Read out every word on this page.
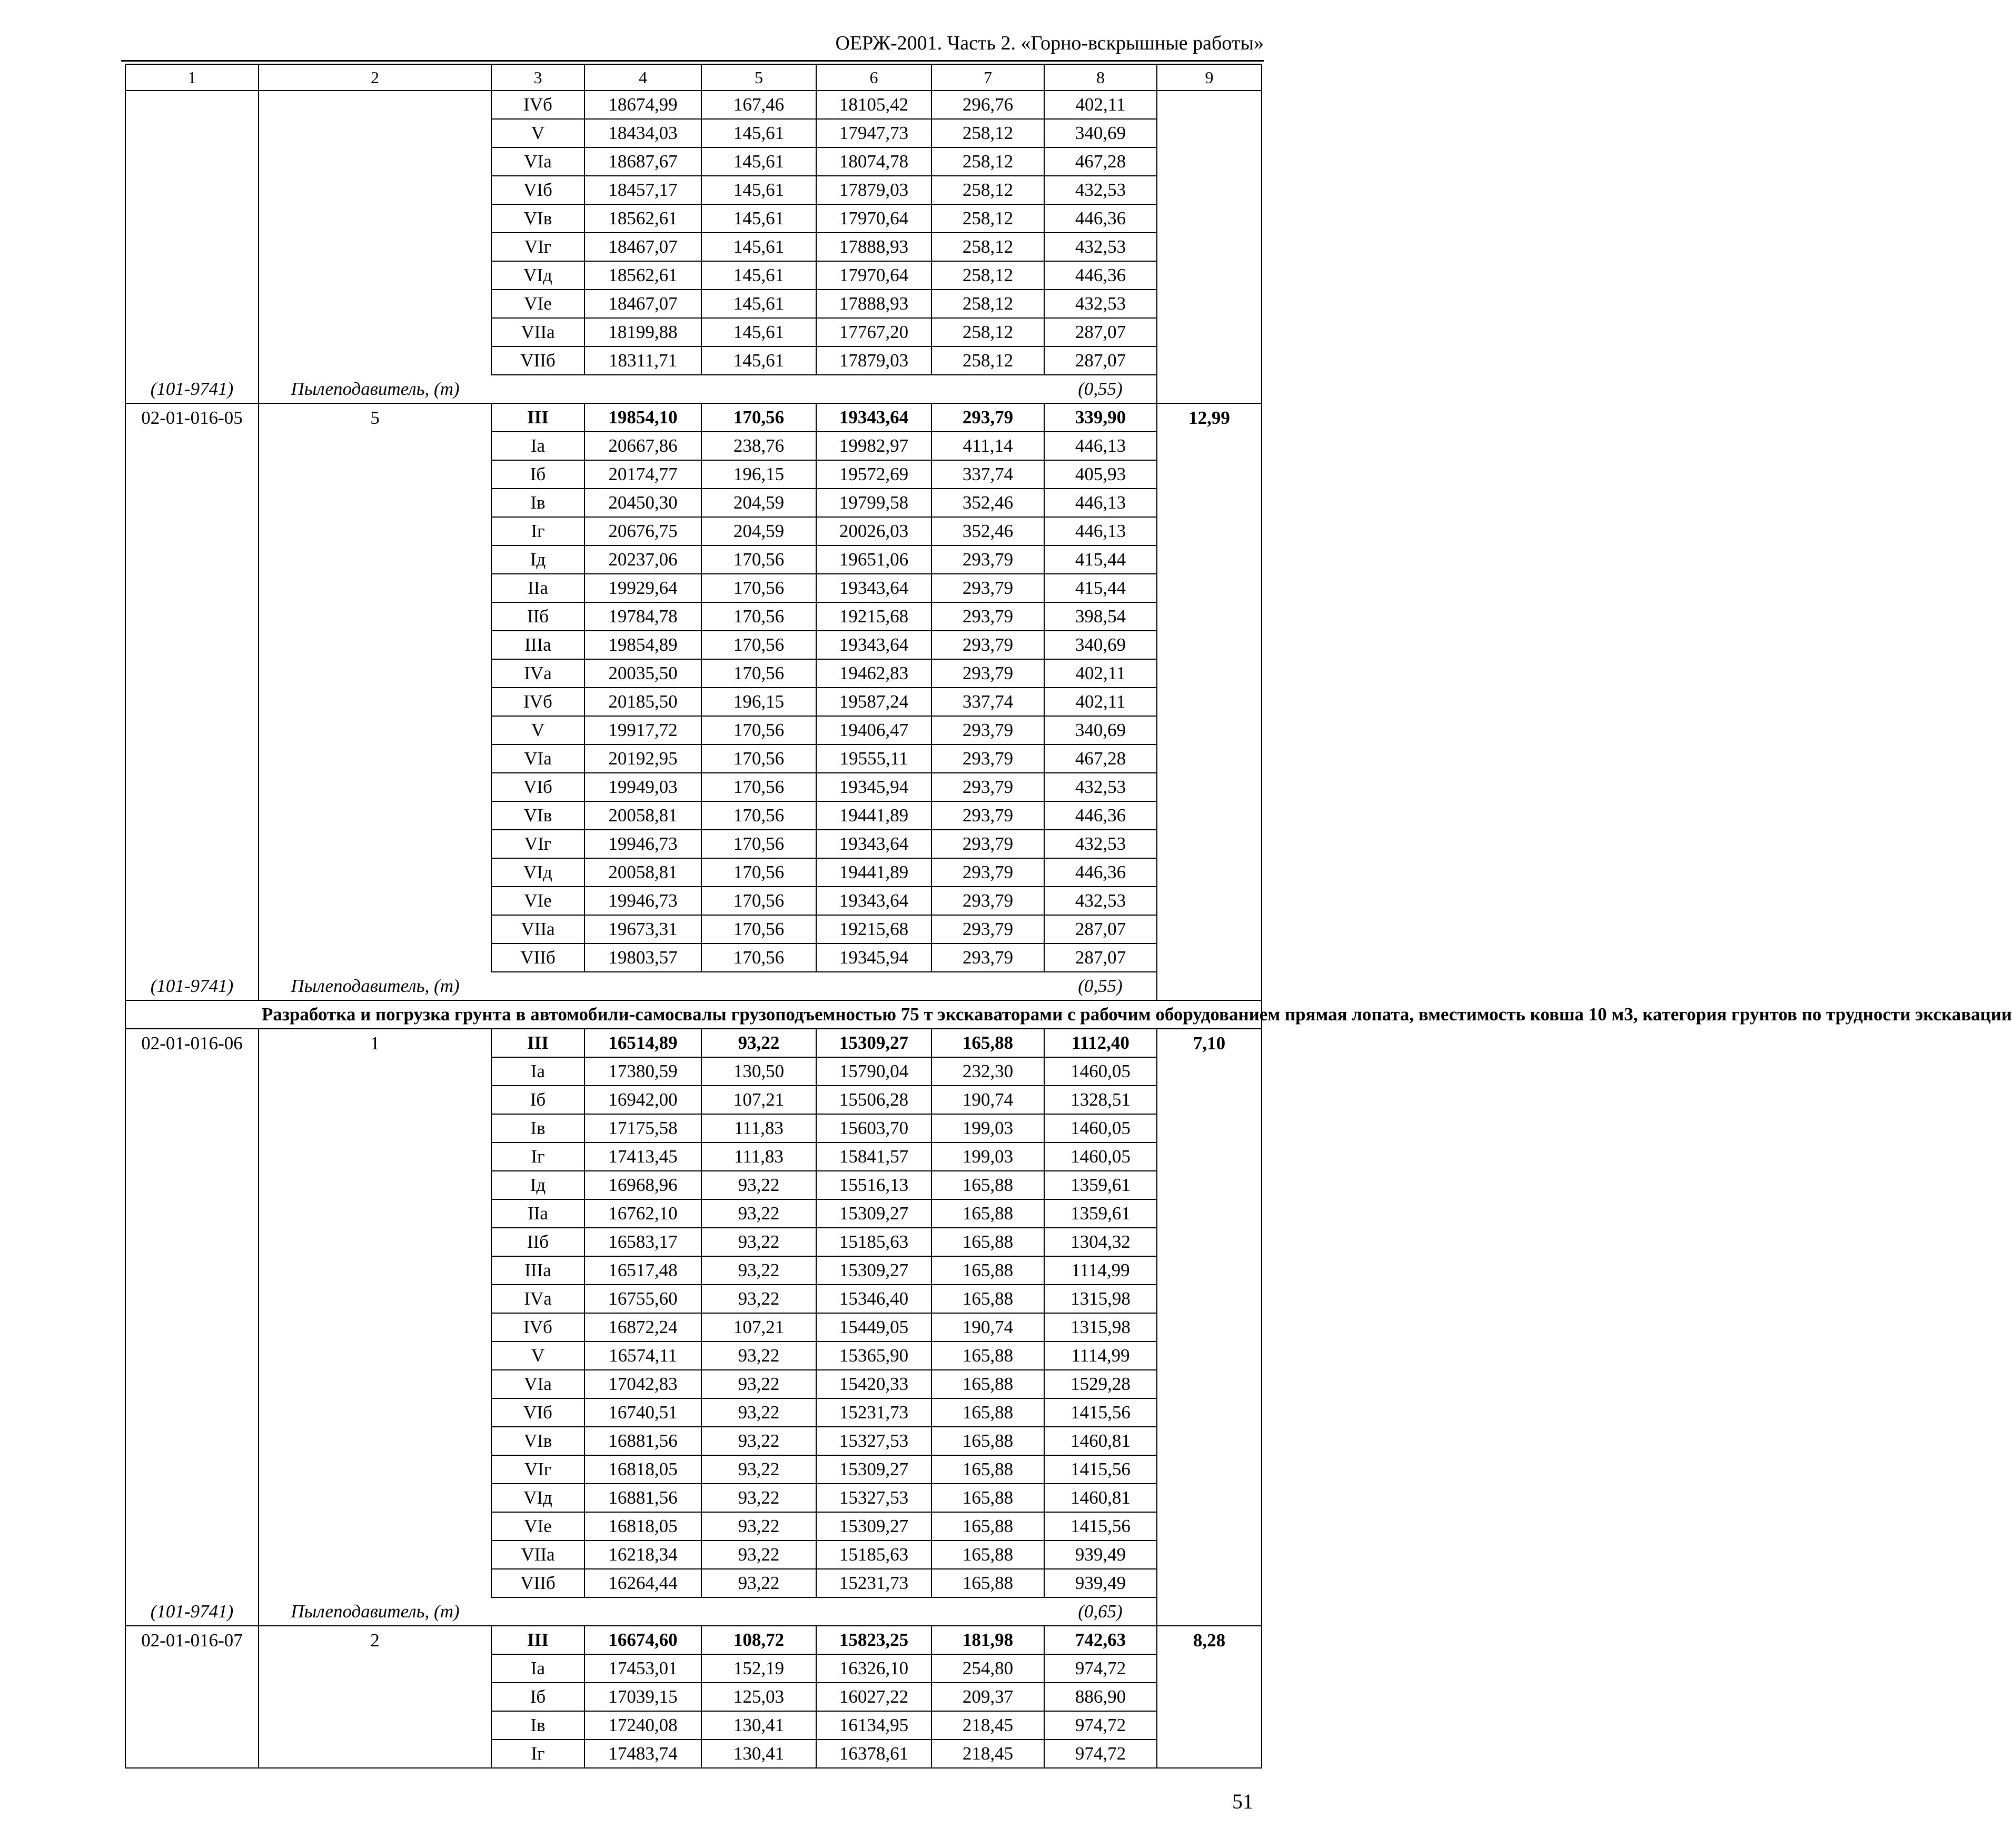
ОЕРЖ-2001. Часть 2. «Горно-вскрышные работы»
1	2	3	4	5	6	7	8	9
		IVб	18674,99	167,46	18105,42	296,76	402,11	
		V	18434,03	145,61	17947,73	258,12	340,69	
		VIа	18687,67	145,61	18074,78	258,12	467,28	
		VIб	18457,17	145,61	17879,03	258,12	432,53	
		VIв	18562,61	145,61	17970,64	258,12	446,36	
		VIг	18467,07	145,61	17888,93	258,12	432,53	
		VIд	18562,61	145,61	17970,64	258,12	446,36	
		VIе	18467,07	145,61	17888,93	258,12	432,53	
		VIIа	18199,88	145,61	17767,20	258,12	287,07	
		VIIб	18311,71	145,61	17879,03	258,12	287,07	
(101-9741)	Пылеподавитель, (т)						(0,55)	
02-01-016-05	5	III	19854,10	170,56	19343,64	293,79	339,90	12,99
		Iа	20667,86	238,76	19982,97	411,14	446,13	
		Iб	20174,77	196,15	19572,69	337,74	405,93	
		Iв	20450,30	204,59	19799,58	352,46	446,13	
		Iг	20676,75	204,59	20026,03	352,46	446,13	
		Iд	20237,06	170,56	19651,06	293,79	415,44	
		IIа	19929,64	170,56	19343,64	293,79	415,44	
		IIб	19784,78	170,56	19215,68	293,79	398,54	
		IIIа	19854,89	170,56	19343,64	293,79	340,69	
		IVа	20035,50	170,56	19462,83	293,79	402,11	
		IVб	20185,50	196,15	19587,24	337,74	402,11	
		V	19917,72	170,56	19406,47	293,79	340,69	
		VIа	20192,95	170,56	19555,11	293,79	467,28	
		VIб	19949,03	170,56	19345,94	293,79	432,53	
		VIв	20058,81	170,56	19441,89	293,79	446,36	
		VIг	19946,73	170,56	19343,64	293,79	432,53	
		VIд	20058,81	170,56	19441,89	293,79	446,36	
		VIе	19946,73	170,56	19343,64	293,79	432,53	
		VIIа	19673,31	170,56	19215,68	293,79	287,07	
		VIIб	19803,57	170,56	19345,94	293,79	287,07	
(101-9741)	Пылеподавитель, (т)						(0,55)	
	Разработка и погрузка грунта в автомобили-самосвалы грузоподъемностью 75 т экскаваторами с рабочим оборудованием прямая лопата, вместимость ковша 10 м3, категория грунтов по трудности экскавации							
02-01-016-06	1	III	16514,89	93,22	15309,27	165,88	1112,40	7,10
		Iа	17380,59	130,50	15790,04	232,30	1460,05	
		Iб	16942,00	107,21	15506,28	190,74	1328,51	
		Iв	17175,58	111,83	15603,70	199,03	1460,05	
		Iг	17413,45	111,83	15841,57	199,03	1460,05	
		Iд	16968,96	93,22	15516,13	165,88	1359,61	
		IIа	16762,10	93,22	15309,27	165,88	1359,61	
		IIб	16583,17	93,22	15185,63	165,88	1304,32	
		IIIа	16517,48	93,22	15309,27	165,88	1114,99	
		IVа	16755,60	93,22	15346,40	165,88	1315,98	
		IVб	16872,24	107,21	15449,05	190,74	1315,98	
		V	16574,11	93,22	15365,90	165,88	1114,99	
		VIа	17042,83	93,22	15420,33	165,88	1529,28	
		VIб	16740,51	93,22	15231,73	165,88	1415,56	
		VIв	16881,56	93,22	15327,53	165,88	1460,81	
		VIг	16818,05	93,22	15309,27	165,88	1415,56	
		VIд	16881,56	93,22	15327,53	165,88	1460,81	
		VIе	16818,05	93,22	15309,27	165,88	1415,56	
		VIIа	16218,34	93,22	15185,63	165,88	939,49	
		VIIб	16264,44	93,22	15231,73	165,88	939,49	
(101-9741)	Пылеподавитель, (т)						(0,65)	
02-01-016-07	2	III	16674,60	108,72	15823,25	181,98	742,63	8,28
		Iа	17453,01	152,19	16326,10	254,80	974,72	
		Iб	17039,15	125,03	16027,22	209,37	886,90	
		Iв	17240,08	130,41	16134,95	218,45	974,72	
		Iг	17483,74	130,41	16378,61	218,45	974,72	
51
